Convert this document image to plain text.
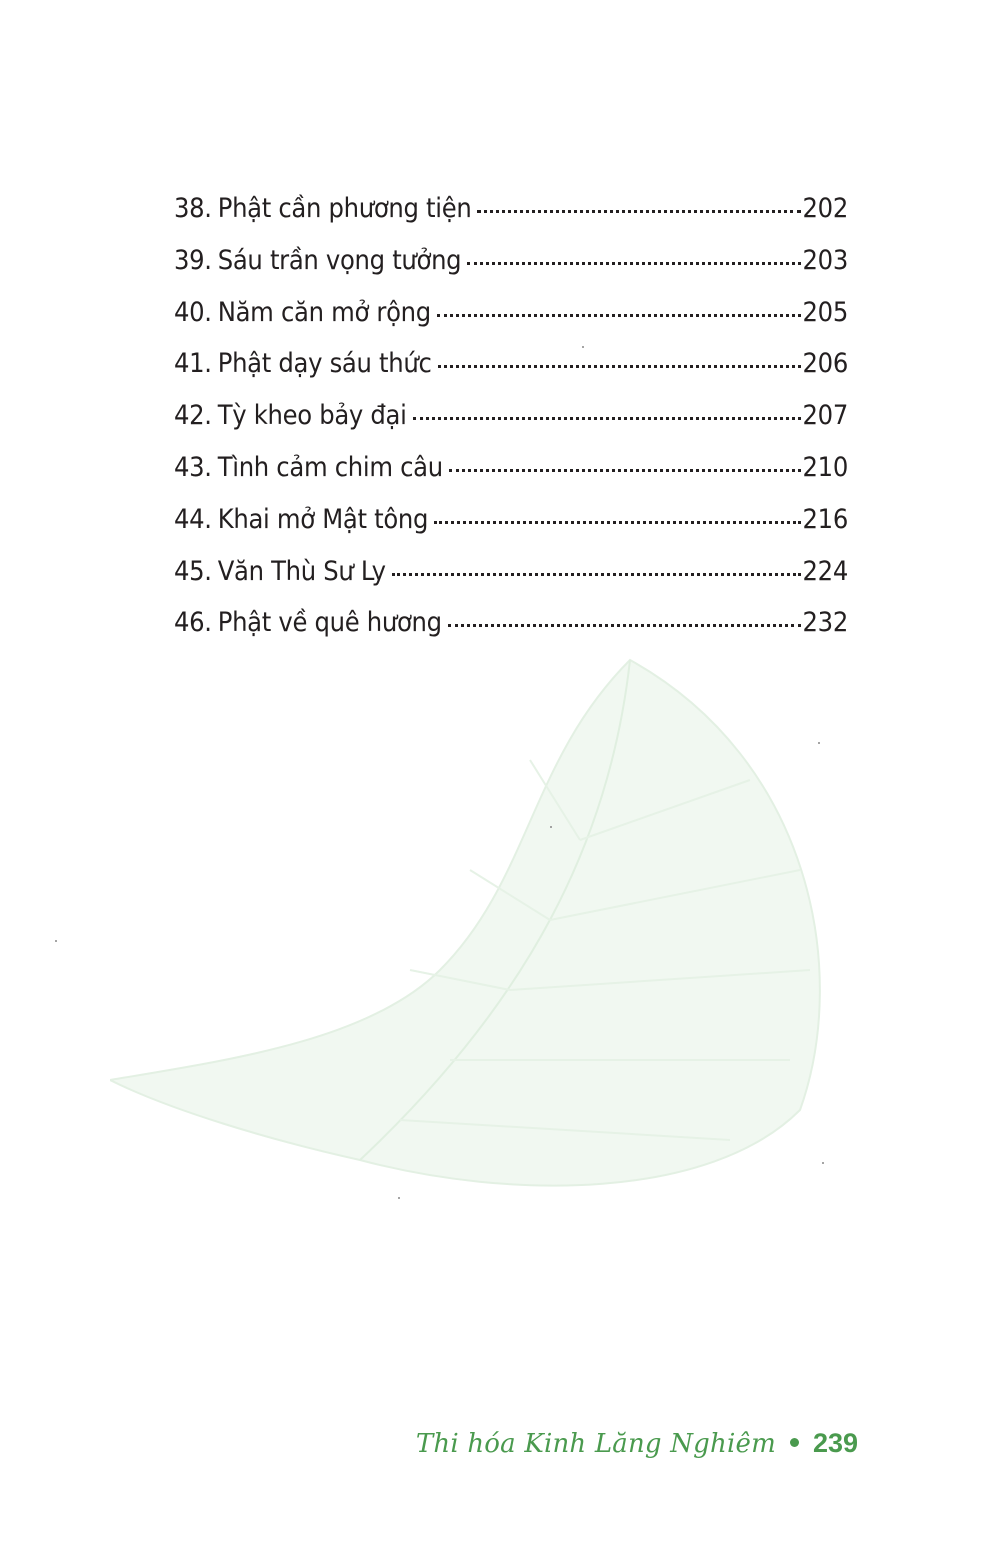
38. Phật cần phương tiện	202
39. Sáu trần vọng tưởng	203
40. Năm căn mở rộng	205
41. Phật dạy sáu thức	206
42. Tỳ kheo bảy đại	207
43. Tình cảm chim câu	210
44. Khai mở Mật tông	216
45. Văn Thù Sư Ly	224
46. Phật về quê hương	232
Thi hóa Kinh Lăng Nghiêm 239
